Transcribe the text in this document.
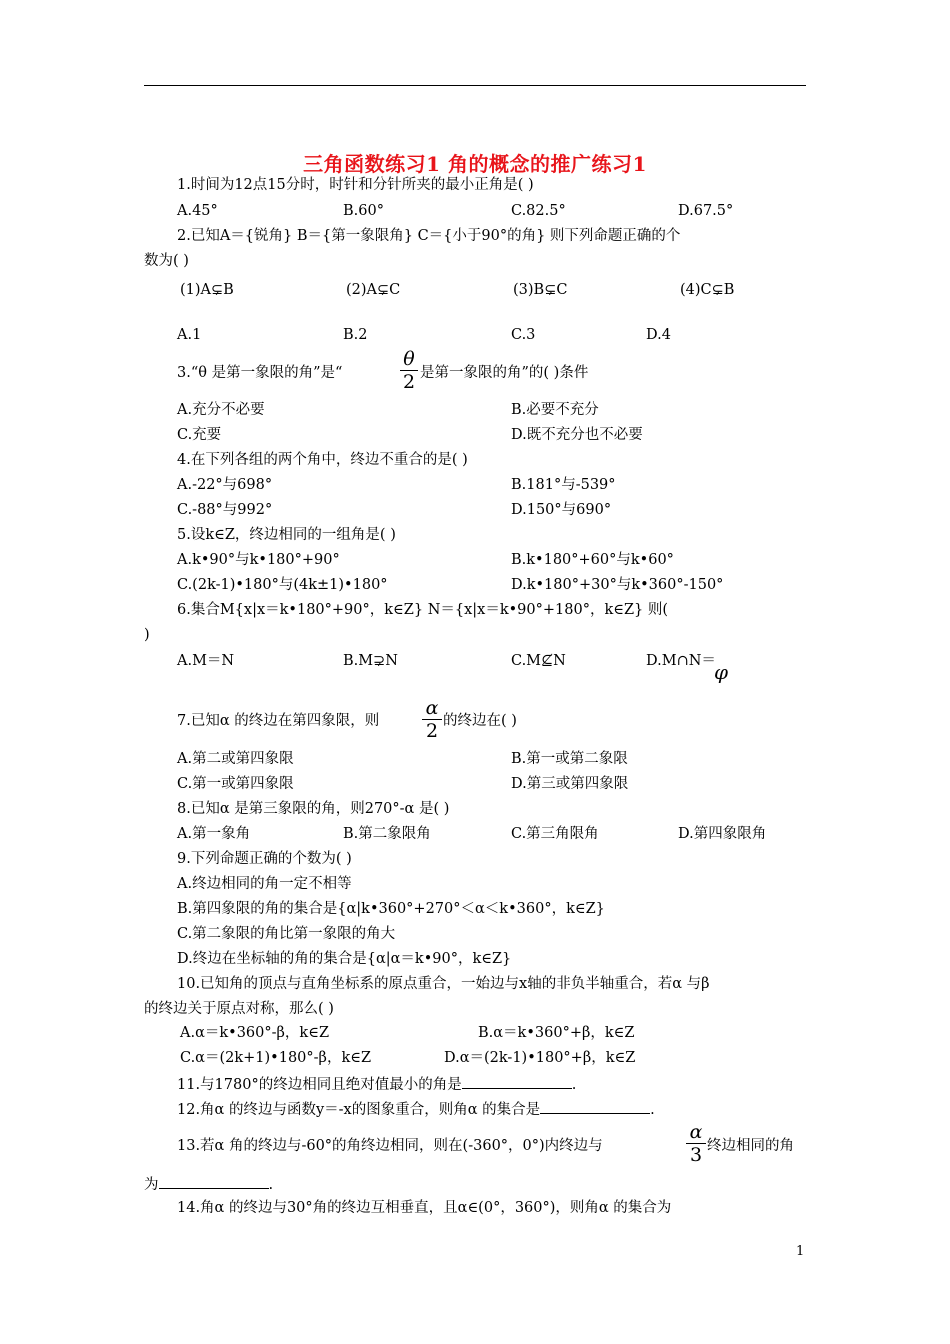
三角函数练习1 角的概念的推广练习1
1.时间为12点15分时，时针和分针所夹的最小正角是( )
A.45°	B.60°	C.82.5°	D.67.5°
2.已知A＝{锐角} B＝{第一象限角} C＝{小于90°的角} 则下列命题正确的个
数为( )
(1)A⊊B	(2)A⊊C	(3)B⊊C	(4)C⊊B
A.1	B.2	C.3	D.4
3.“θ 是第一象限的角”是“
θ
2 是第一象限的角”的( )条件
A.充分不必要	B.必要不充分
C.充要	D.既不充分也不必要
4.在下列各组的两个角中，终边不重合的是( )
A.-22°与698°	B.181°与-539°
C.-88°与992°	D.150°与690°
5.设k∈Z，终边相同的一组角是( )
A.k•90°与k•180°+90°	B.k•180°+60°与k•60°
C.(2k-1)•180°与(4k±1)•180°	D.k•180°+30°与k•360°-150°
6.集合M{x|x＝k•180°+90°，k∈Z} N＝{x|x＝k•90°+180°，k∈Z} 则(
)
A.M＝N	B.M⊋N	C.M⊈N	D.M∩N＝
φ
7.已知α 的终边在第四象限，则
α
2 的终边在( )
A.第二或第四象限	B.第一或第二象限
C.第一或第四象限	D.第三或第四象限
8.已知α 是第三象限的角，则270°-α 是( )
A.第一象角	B.第二象限角	C.第三角限角	D.第四象限角
9.下列命题正确的个数为( )
A.终边相同的角一定不相等
B.第四象限的角的集合是{α|k•360°+270°＜α＜k•360°，k∈Z}
C.第二象限的角比第一象限的角大
D.终边在坐标轴的角的集合是{α|α＝k•90°，k∈Z}
10.已知角的顶点与直角坐标系的原点重合，一始边与x轴的非负半轴重合，若α 与β
的终边关于原点对称，那么( )
A.α＝k•360°-β，k∈Z	B.α＝k•360°+β，k∈Z
C.α＝(2k+1)•180°-β，k∈Z	D.α＝(2k-1)•180°+β，k∈Z
11.与1780°的终边相同且绝对值最小的角是	.
12.角α 的终边与函数y＝-x的图象重合，则角α 的集合是	.
13.若α 角的终边与-60°的角终边相同，则在(-360°，0°)内终边与
α
3 终边相同的角
为	.
14.角α 的终边与30°角的终边互相垂直，且α∈(0°，360°)，则角α 的集合为
1
